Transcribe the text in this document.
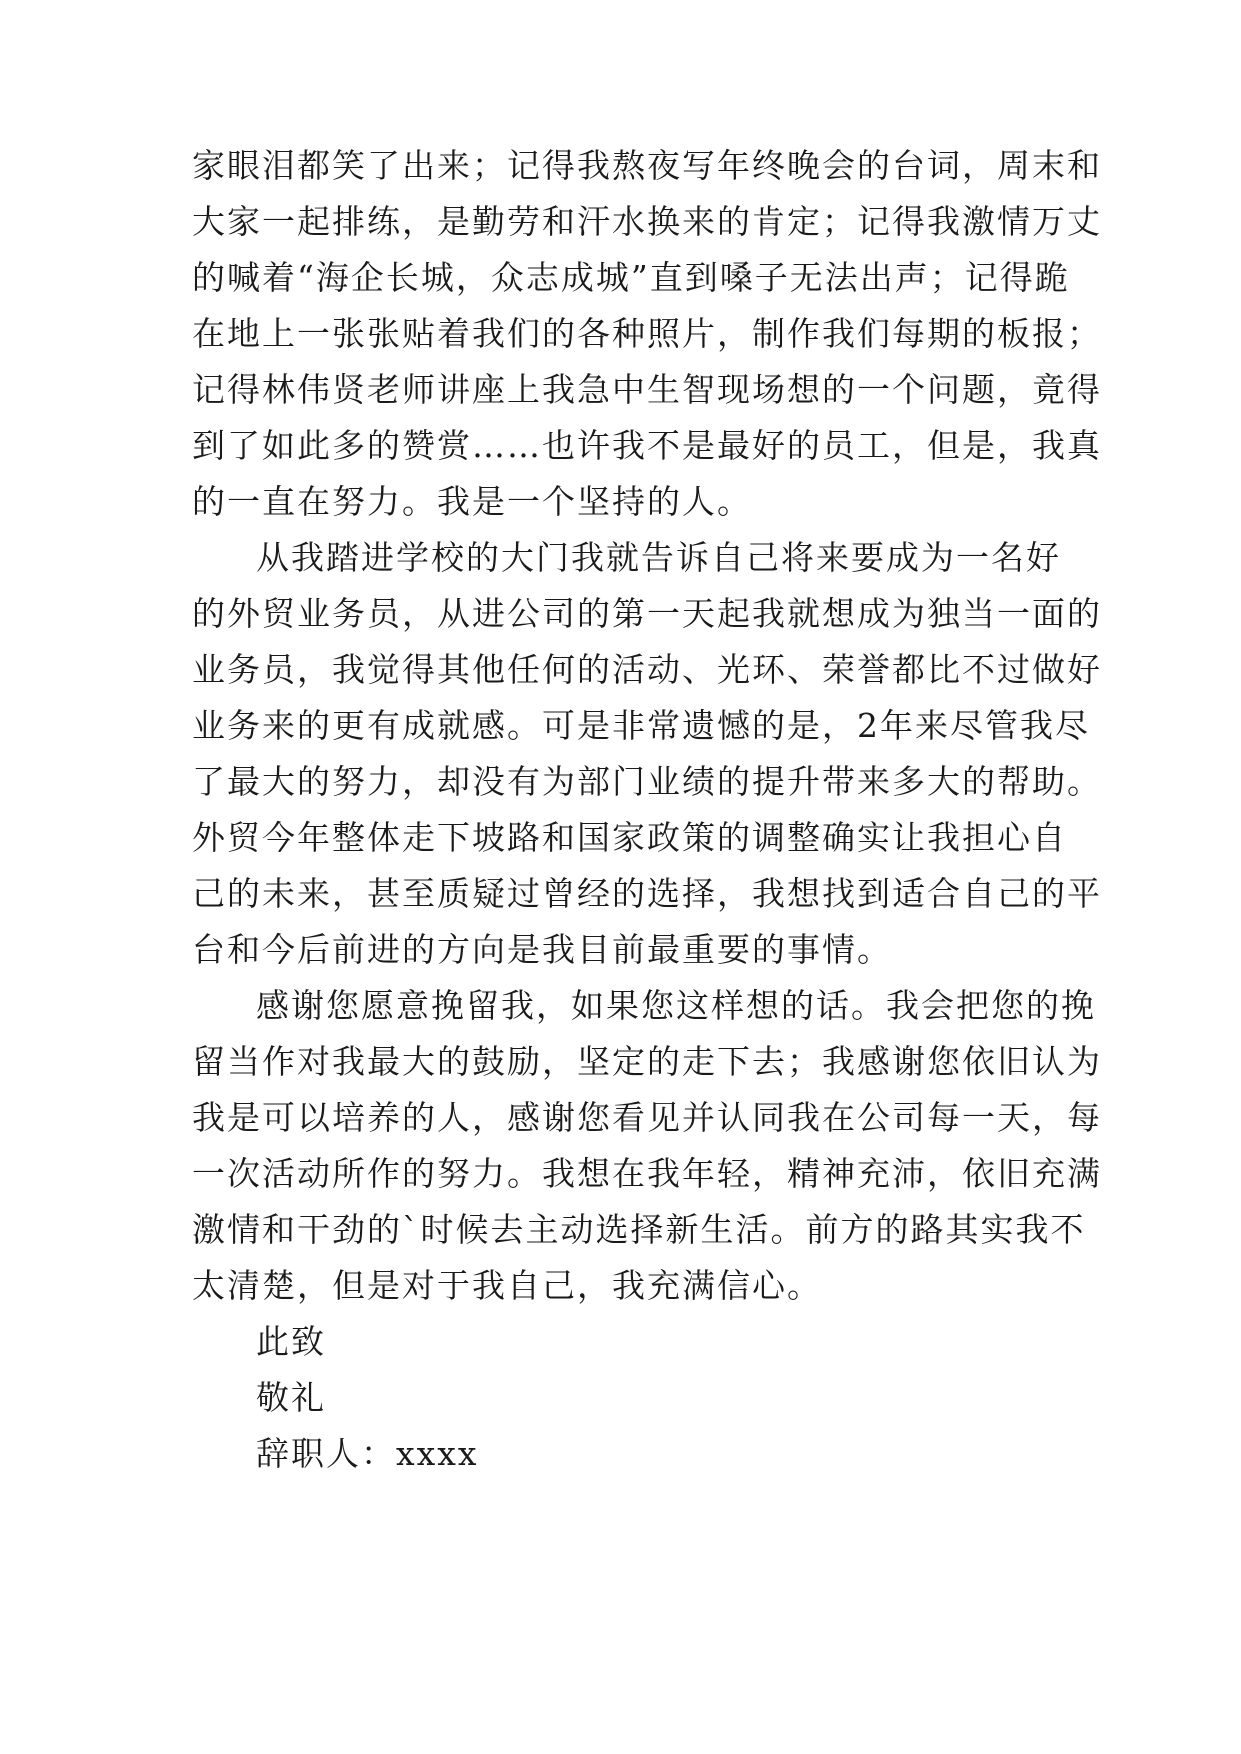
家眼泪都笑了出来；记得我熬夜写年终晚会的台词，周末和
大家一起排练，是勤劳和汗水换来的肯定；记得我激情万丈
的喊着“海企长城，众志成城”直到嗓子无法出声；记得跪
在地上一张张贴着我们的各种照片，制作我们每期的板报；
记得林伟贤老师讲座上我急中生智现场想的一个问题，竟得
到了如此多的赞赏……也许我不是最好的员工，但是，我真
的一直在努力。我是一个坚持的人。
从我踏进学校的大门我就告诉自己将来要成为一名好
的外贸业务员，从进公司的第一天起我就想成为独当一面的
业务员，我觉得其他任何的活动、光环、荣誉都比不过做好
业务来的更有成就感。可是非常遗憾的是，2年来尽管我尽
了最大的努力，却没有为部门业绩的提升带来多大的帮助。
外贸今年整体走下坡路和国家政策的调整确实让我担心自
己的未来，甚至质疑过曾经的选择，我想找到适合自己的平
台和今后前进的方向是我目前最重要的事情。
感谢您愿意挽留我，如果您这样想的话。我会把您的挽
留当作对我最大的鼓励，坚定的走下去；我感谢您依旧认为
我是可以培养的人，感谢您看见并认同我在公司每一天，每
一次活动所作的努力。我想在我年轻，精神充沛，依旧充满
激情和干劲的`时候去主动选择新生活。前方的路其实我不
太清楚，但是对于我自己，我充满信心。
此致
敬礼
辞职人：xxxx
